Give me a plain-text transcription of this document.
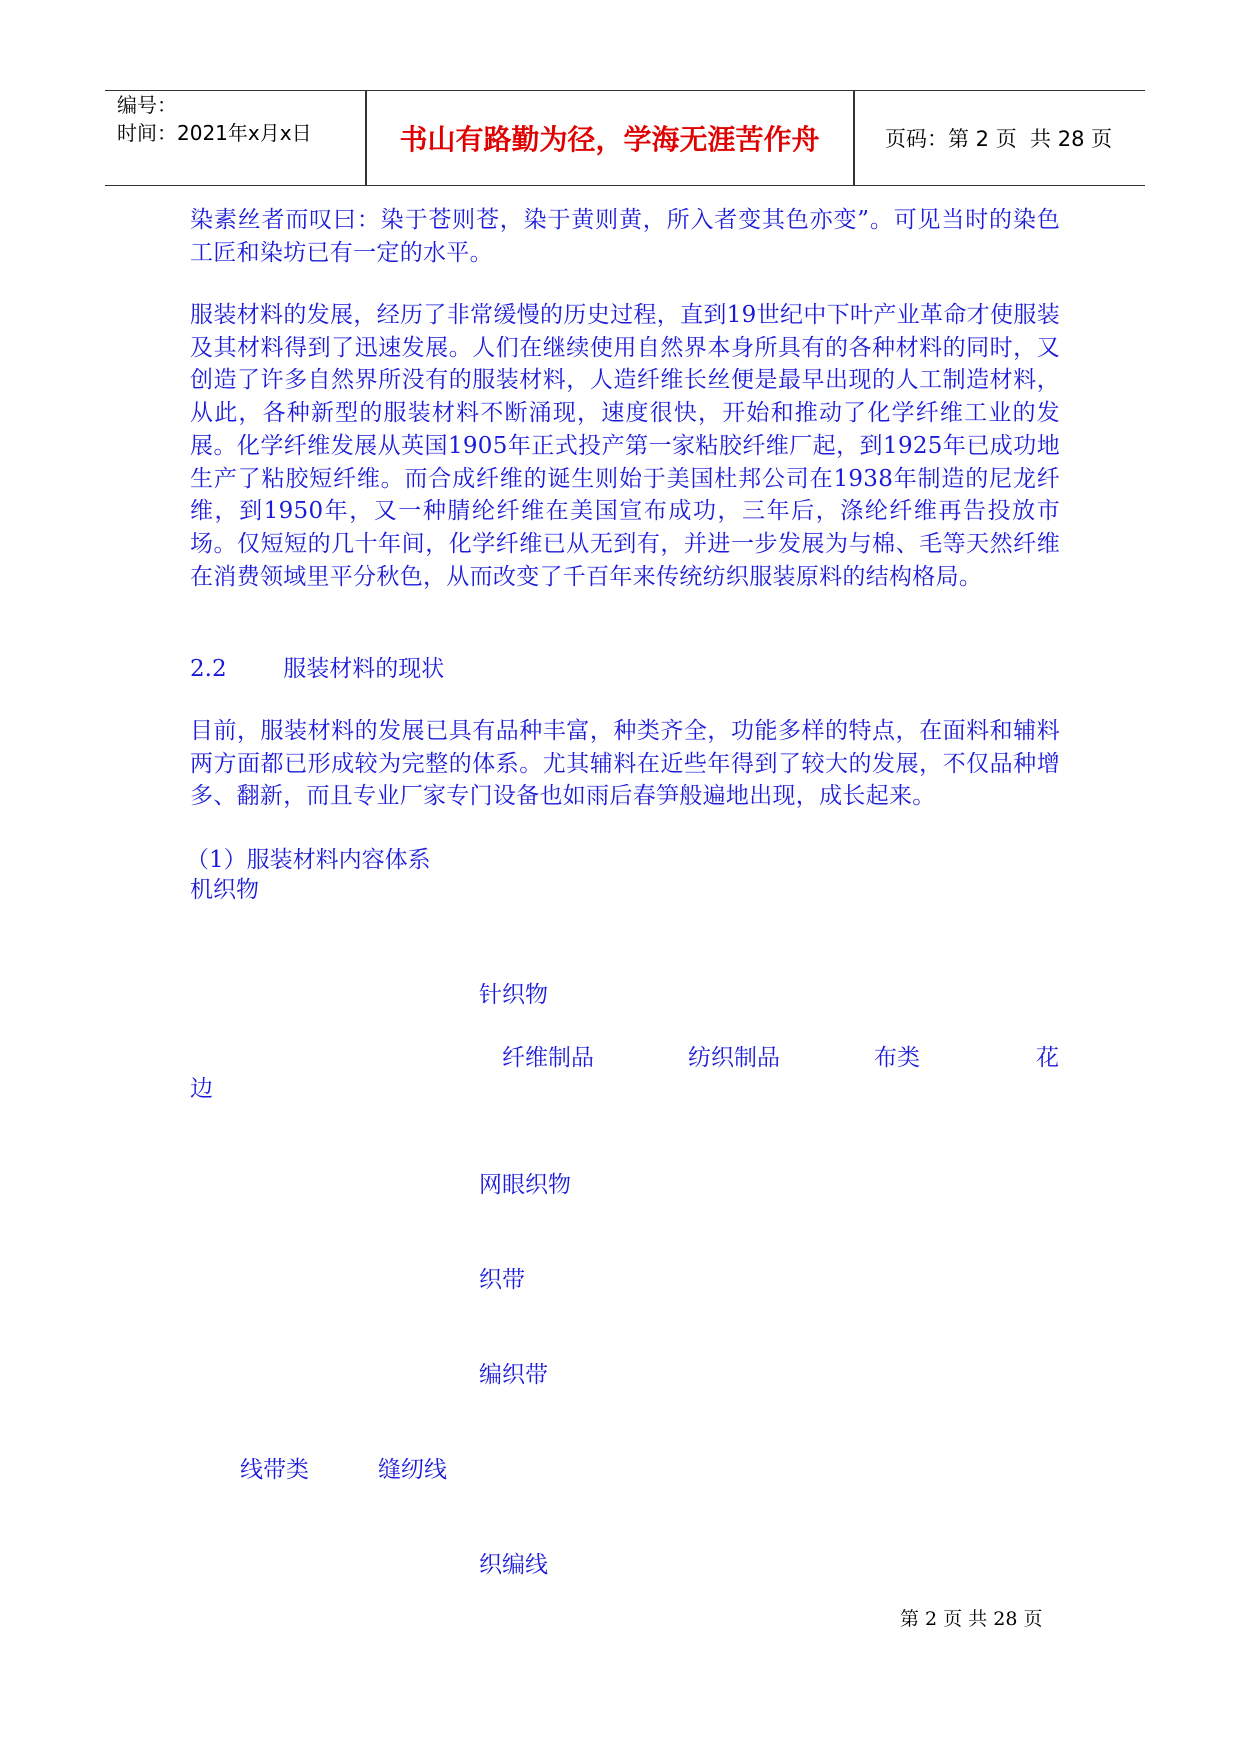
编号：
时间：2021年x月x日	书山有路勤为径，学海无涯苦作舟	页码：第 2 页  共 28 页

染素丝者而叹曰：染于苍则苍，染于黄则黄，所入者变其色亦变”。可见当时的染色工匠和染坊已有一定的水平。

服装材料的发展，经历了非常缓慢的历史过程，直到19世纪中下叶产业革命才使服装及其材料得到了迅速发展。人们在继续使用自然界本身所具有的各种材料的同时，又创造了许多自然界所没有的服装材料，人造纤维长丝便是最早出现的人工制造材料，从此，各种新型的服装材料不断涌现，速度很快，开始和推动了化学纤维工业的发展。化学纤维发展从英国1905年正式投产第一家粘胶纤维厂起，到1925年已成功地生产了粘胶短纤维。而合成纤维的诞生则始于美国杜邦公司在1938年制造的尼龙纤维，到1950年，又一种腈纶纤维在美国宣布成功，三年后，涤纶纤维再告投放市场。仅短短的几十年间，化学纤维已从无到有，并进一步发展为与棉、毛等天然纤维在消费领域里平分秋色，从而改变了千百年来传统纺织服装原料的结构格局。

2.2 服装材料的现状

目前，服装材料的发展已具有品种丰富，种类齐全，功能多样的特点，在面料和辅料两方面都已形成较为完整的体系。尤其辅料在近些年得到了较大的发展，不仅品种增多、翻新，而且专业厂家专门设备也如雨后春笋般遍地出现，成长起来。

（1）服装材料内容体系
机织物
针织物
纤维制品	纺织制品	布类	花
边
网眼织物
织带
编织带
线带类	缝纫线
织编线
第 2 页 共 28 页
